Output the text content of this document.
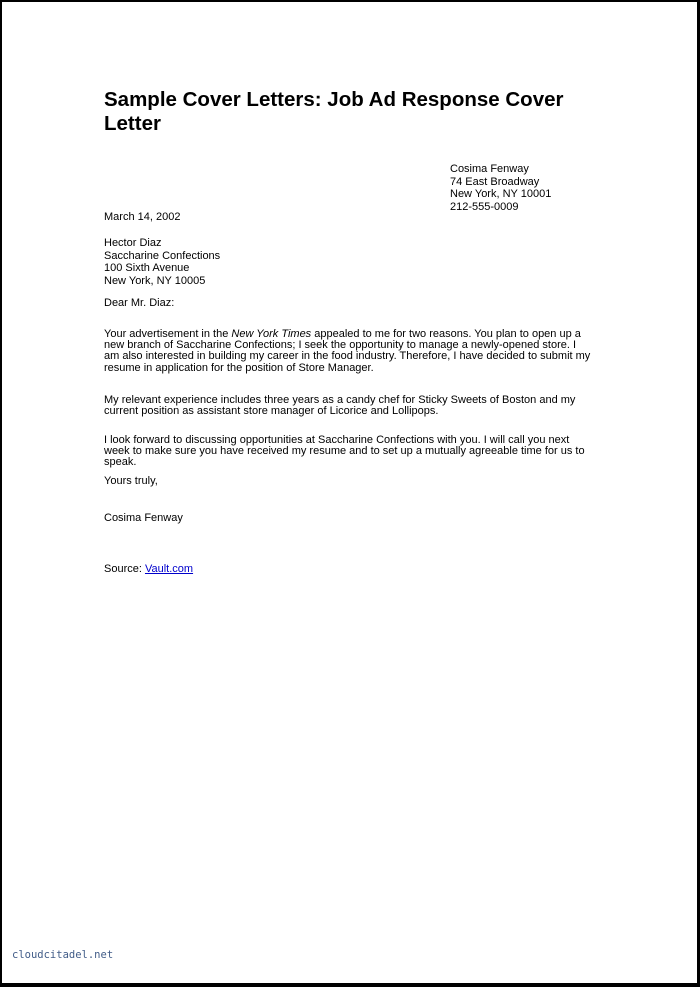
Sample Cover Letters: Job Ad Response Cover Letter
Cosima Fenway
74 East Broadway
New York, NY 10001
212-555-0009
March 14, 2002
Hector Diaz
Saccharine Confections
100 Sixth Avenue
New York, NY 10005
Dear Mr. Diaz:

Your advertisement in the New York Times appealed to me for two reasons. You plan to open up a new branch of Saccharine Confections; I seek the opportunity to manage a newly-opened store. I am also interested in building my career in the food industry. Therefore, I have decided to submit my resume in application for the position of Store Manager.

My relevant experience includes three years as a candy chef for Sticky Sweets of Boston and my current position as assistant store manager of Licorice and Lollipops.

I look forward to discussing opportunities at Saccharine Confections with you. I will call you next week to make sure you have received my resume and to set up a mutually agreeable time for us to speak.

Yours truly,
Cosima Fenway
Source: Vault.com
cloudcitadel.net
